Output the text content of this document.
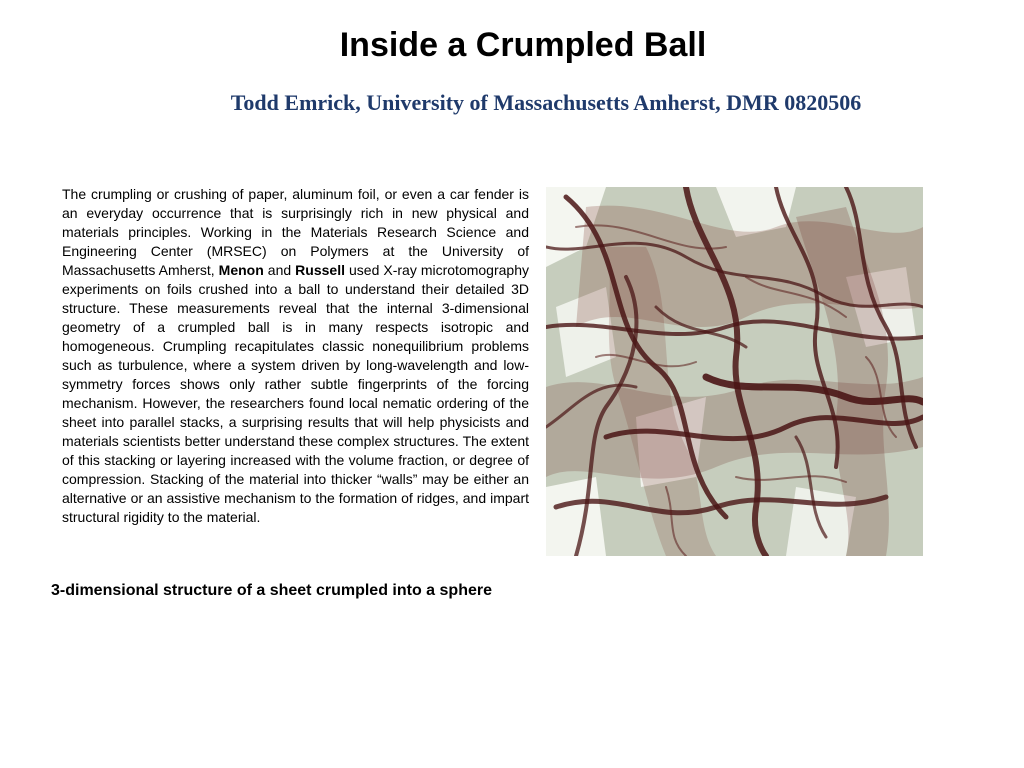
Inside a Crumpled Ball
Todd Emrick, University of Massachusetts Amherst, DMR 0820506

The crumpling or crushing of paper, aluminum foil, or even a car fender is an everyday occurrence that is surprisingly rich in new physical and materials principles. Working in the Materials Research Science and Engineering Center (MRSEC) on Polymers at the University of Massachusetts Amherst, Menon and Russell used X-ray microtomography experiments on foils crushed into a ball to understand their detailed 3D structure. These measurements reveal that the internal 3-dimensional geometry of a crumpled ball is in many respects isotropic and homogeneous. Crumpling recapitulates classic nonequilibrium problems such as turbulence, where a system driven by long-wavelength and low-symmetry forces shows only rather subtle fingerprints of the forcing mechanism. However, the researchers found local nematic ordering of the sheet into parallel stacks, a surprising results that will help physicists and materials scientists better understand these complex structures. The extent of this stacking or layering increased with the volume fraction, or degree of compression. Stacking of the material into thicker “walls” may be either an alternative or an assistive mechanism to the formation of ridges, and impart structural rigidity to the material.

3-dimensional structure of a sheet crumpled into a sphere
